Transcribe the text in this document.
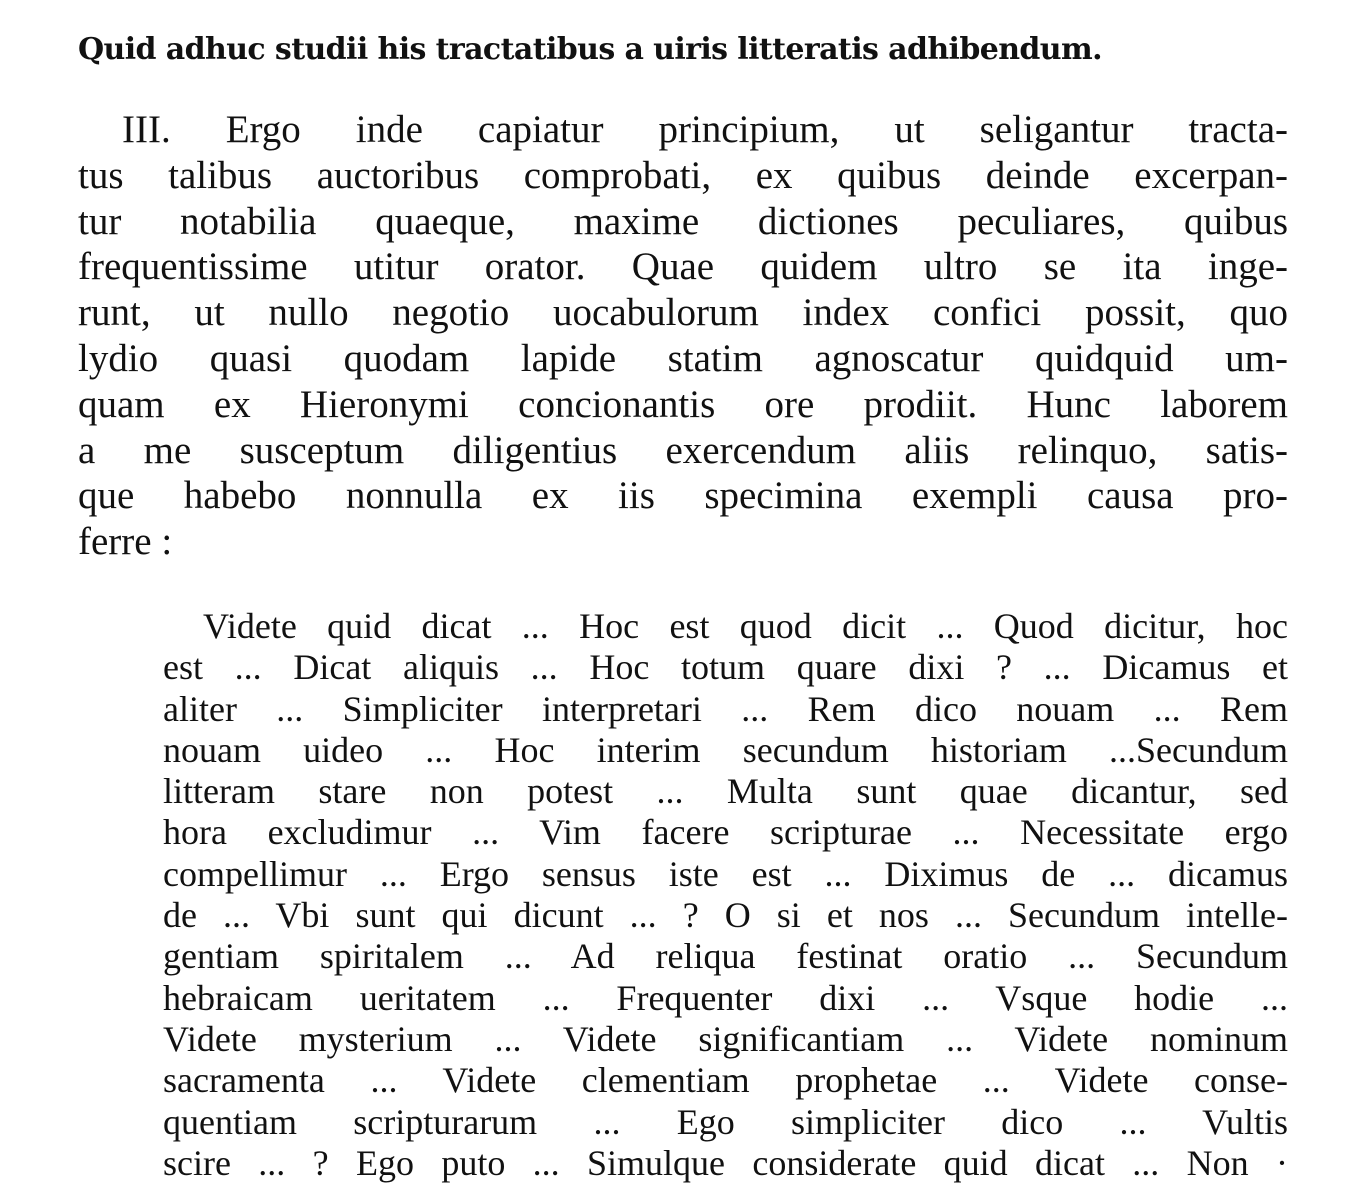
Quid adhuc studii his tractatibus a uiris litteratis adhibendum.
III. Ergo inde capiatur principium, ut seligantur tracta-
tus talibus auctoribus comprobati, ex quibus deinde excerpan-
tur notabilia quaeque, maxime dictiones peculiares, quibus
frequentissime utitur orator. Quae quidem ultro se ita inge-
runt, ut nullo negotio uocabulorum index confici possit, quo
lydio quasi quodam lapide statim agnoscatur quidquid um-
quam ex Hieronymi concionantis ore prodiit. Hunc laborem
a me susceptum diligentius exercendum aliis relinquo, satis-
que habebo nonnulla ex iis specimina exempli causa pro-
ferre :
Videte quid dicat ... Hoc est quod dicit ... Quod dicitur, hoc
est ... Dicat aliquis ... Hoc totum quare dixi ? ... Dicamus et
aliter ... Simpliciter interpretari ... Rem dico nouam ... Rem
nouam uideo ... Hoc interim secundum historiam ...Secundum
litteram stare non potest ... Multa sunt quae dicantur, sed
hora excludimur ... Vim facere scripturae ... Necessitate ergo
compellimur ... Ergo sensus iste est ... Diximus de ... dicamus
de ... Vbi sunt qui dicunt ... ? O si et nos ... Secundum intelle-
gentiam spiritalem ... Ad reliqua festinat oratio ... Secundum
hebraicam ueritatem ... Frequenter dixi ... Vsque hodie ...
Videte mysterium ... Videte significantiam ... Videte nominum
sacramenta ... Videte clementiam prophetae ... Videte conse-
quentiam scripturarum ... Ego simpliciter dico ... Vultis
scire ... ? Ego puto ... Simulque considerate quid dicat ... Non ·
